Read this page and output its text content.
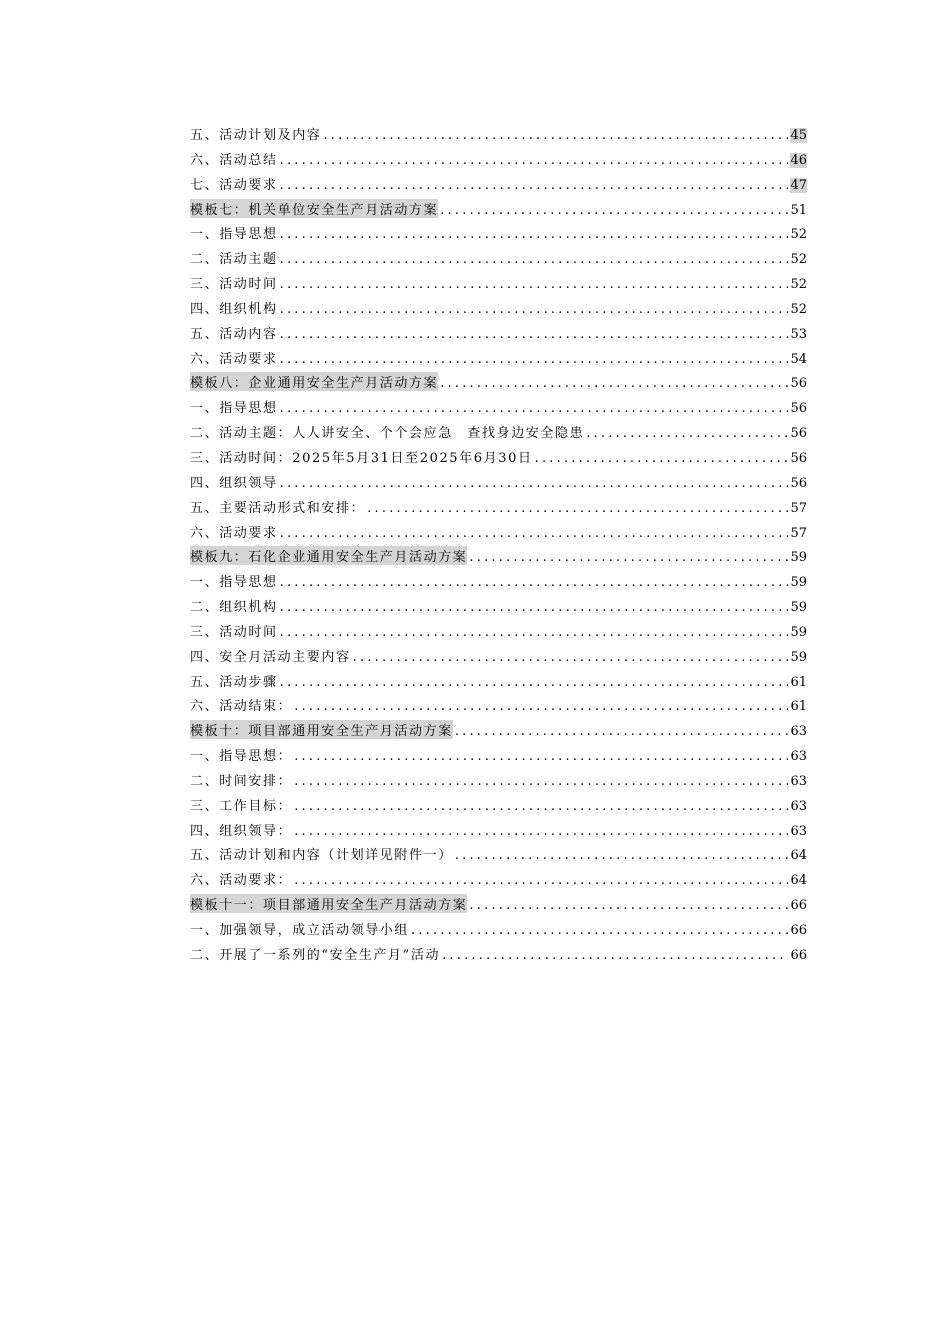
五、活动计划及内容 .....	45
六、活动总结 .....	46
七、活动要求 .....	47
模板七：机关单位安全生产月活动方案 .....	51
一、指导思想 .....	52
二、活动主题 .....	52
三、活动时间 .....	52
四、组织机构 .....	52
五、活动内容 .....	53
六、活动要求 .....	54
模板八：企业通用安全生产月活动方案 .....	56
一、指导思想 .....	56
二、活动主题：人人讲安全、个个会应急　查找身边安全隐患 .....	56
三、活动时间：2025年5月31日至2025年6月30日 .....	56
四、组织领导 .....	56
五、主要活动形式和安排： .....	57
六、活动要求 .....	57
模板九：石化企业通用安全生产月活动方案 .....	59
一、指导思想 .....	59
二、组织机构 .....	59
三、活动时间 .....	59
四、安全月活动主要内容 .....	59
五、活动步骤 .....	61
六、活动结束： .....	61
模板十：项目部通用安全生产月活动方案 .....	63
一、指导思想： .....	63
二、时间安排： .....	63
三、工作目标： .....	63
四、组织领导： .....	63
五、活动计划和内容（计划详见附件一） .....	64
六、活动要求： .....	64
模板十一：项目部通用安全生产月活动方案 .....	66
一、加强领导，成立活动领导小组 .....	66
二、开展了一系列的“安全生产月”活动 .....	66
